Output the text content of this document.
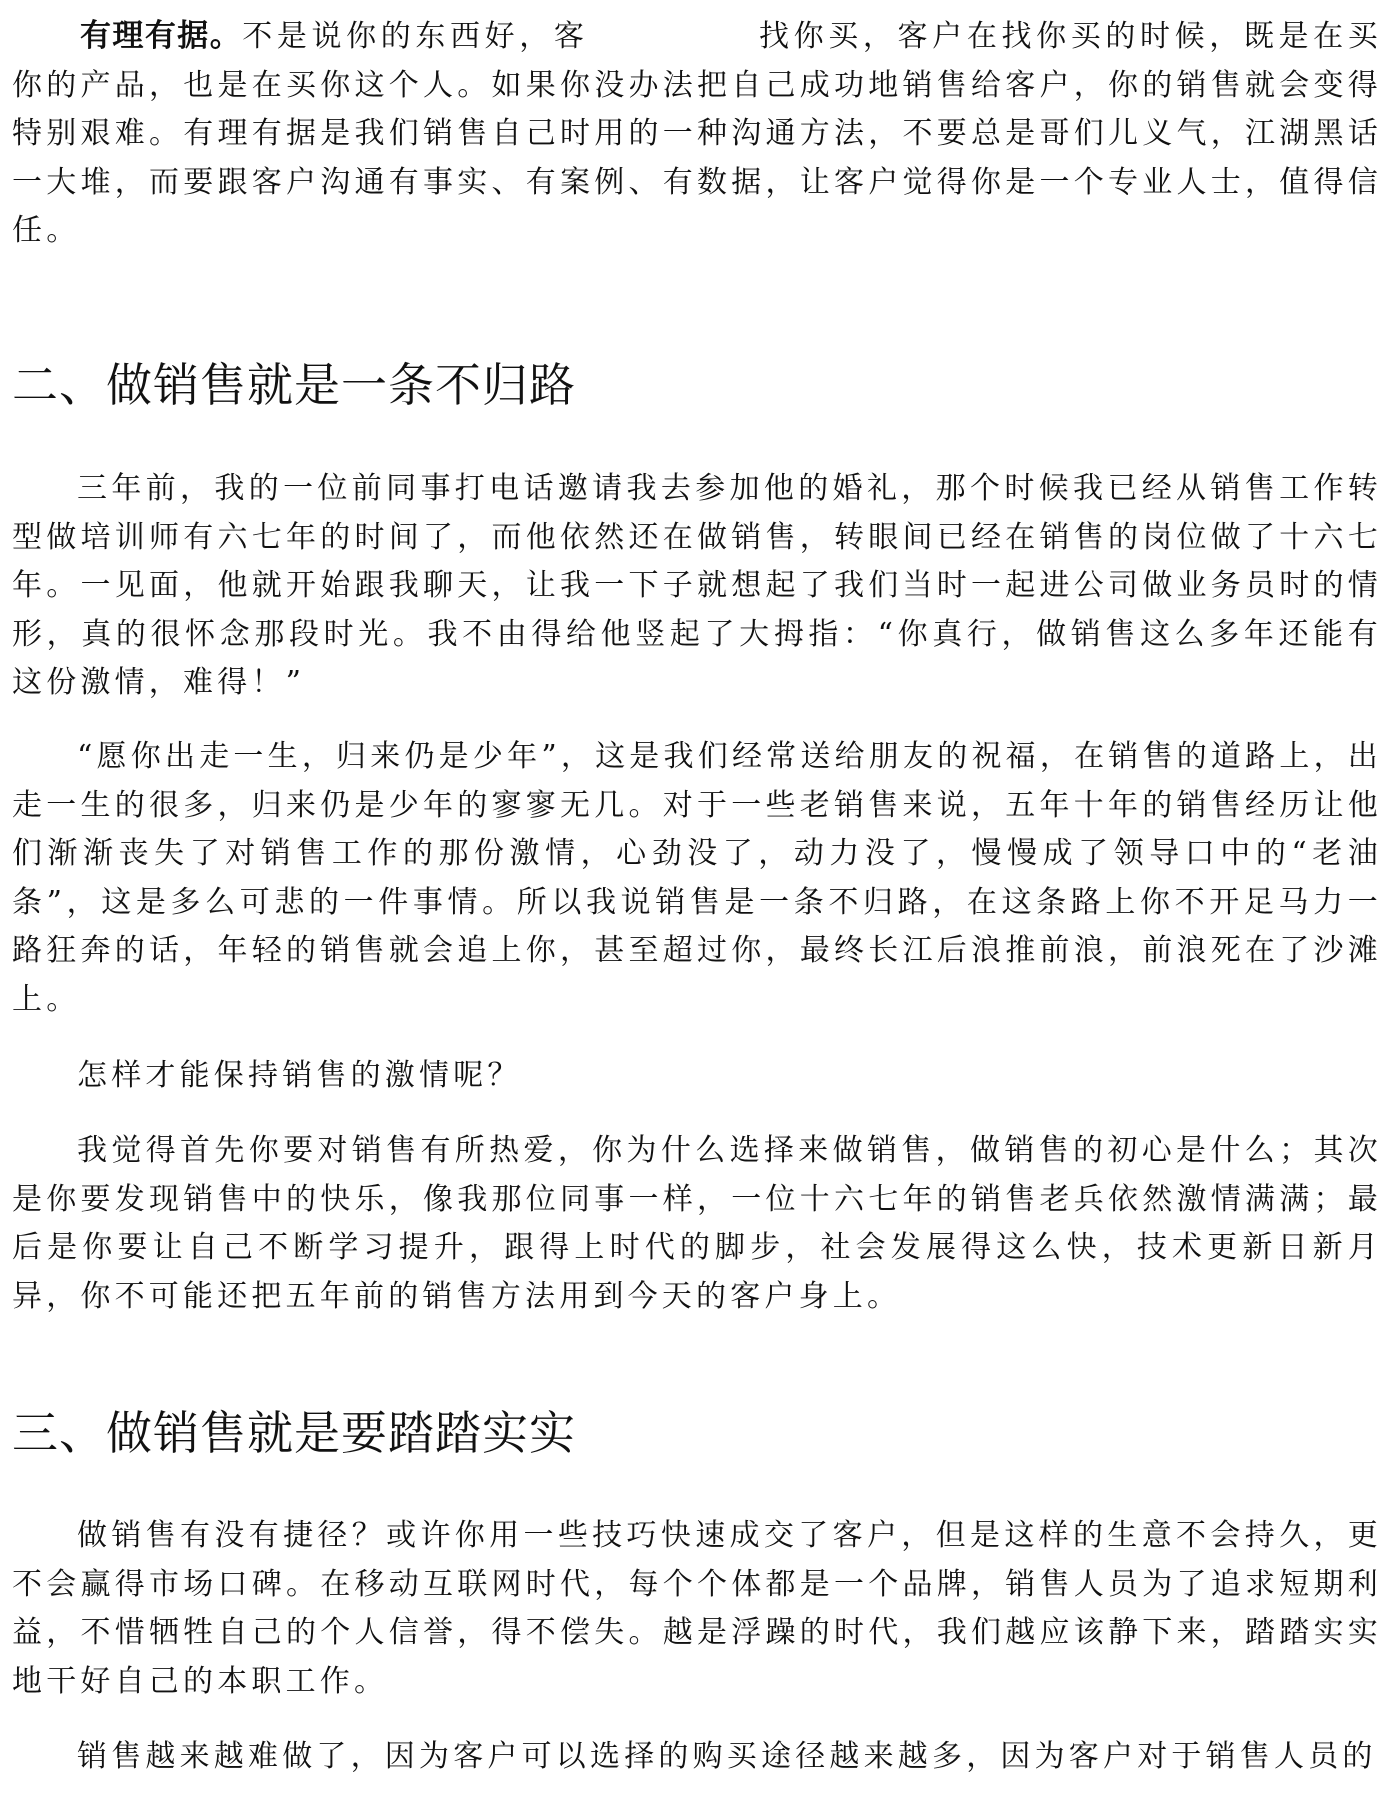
有理有据。不是说你的东西好，客	找你买，客户在找你买的时候，既是在买你的产品，也是在买你这个人。如果你没办法把自己成功地销售给客户，你的销售就会变得特别艰难。有理有据是我们销售自己时用的一种沟通方法，不要总是哥们儿义气，江湖黑话一大堆，而要跟客户沟通有事实、有案例、有数据，让客户觉得你是一个专业人士，值得信任。

二、做销售就是一条不归路

三年前，我的一位前同事打电话邀请我去参加他的婚礼，那个时候我已经从销售工作转型做培训师有六七年的时间了，而他依然还在做销售，转眼间已经在销售的岗位做了十六七年。一见面，他就开始跟我聊天，让我一下子就想起了我们当时一起进公司做业务员时的情形，真的很怀念那段时光。我不由得给他竖起了大拇指：“你真行，做销售这么多年还能有这份激情，难得！”

“愿你出走一生，归来仍是少年”，这是我们经常送给朋友的祝福，在销售的道路上，出走一生的很多，归来仍是少年的寥寥无几。对于一些老销售来说，五年十年的销售经历让他们渐渐丧失了对销售工作的那份激情，心劲没了，动力没了，慢慢成了领导口中的“老油条”，这是多么可悲的一件事情。所以我说销售是一条不归路，在这条路上你不开足马力一路狂奔的话，年轻的销售就会追上你，甚至超过你，最终长江后浪推前浪，前浪死在了沙滩上。

怎样才能保持销售的激情呢？

我觉得首先你要对销售有所热爱，你为什么选择来做销售，做销售的初心是什么；其次是你要发现销售中的快乐，像我那位同事一样，一位十六七年的销售老兵依然激情满满；最后是你要让自己不断学习提升，跟得上时代的脚步，社会发展得这么快，技术更新日新月异，你不可能还把五年前的销售方法用到今天的客户身上。

三、做销售就是要踏踏实实

做销售有没有捷径？或许你用一些技巧快速成交了客户，但是这样的生意不会持久，更不会赢得市场口碑。在移动互联网时代，每个个体都是一个品牌，销售人员为了追求短期利益，不惜牺牲自己的个人信誉，得不偿失。越是浮躁的时代，我们越应该静下来，踏踏实实地干好自己的本职工作。

销售越来越难做了，因为客户可以选择的购买途径越来越多，因为客户对于销售人员的
